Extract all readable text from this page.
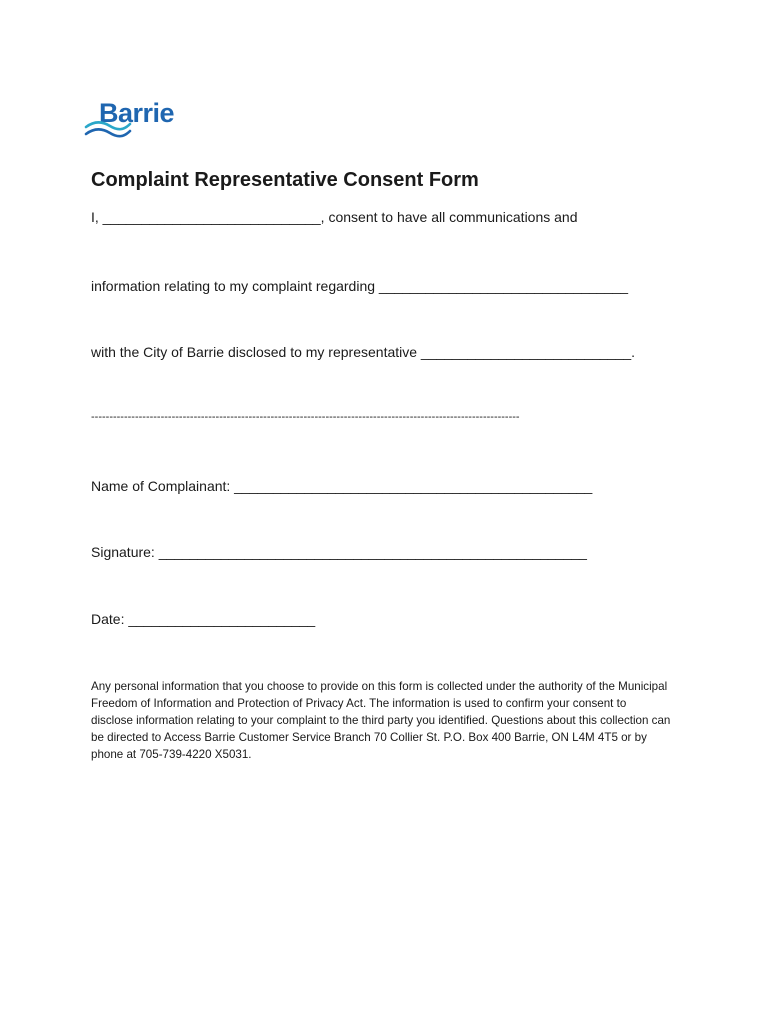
Barrie
Complaint Representative Consent Form
I, ____________________________, consent to have all communications and
information relating to my complaint regarding ________________________________
with the City of Barrie disclosed to my representative ___________________________.
---------------------------------------------------------------------------------------------------------------------
Name of Complainant: ______________________________________________
Signature: _______________________________________________________
Date: ________________________
Any personal information that you choose to provide on this form is collected under the authority of the Municipal Freedom of Information and Protection of Privacy Act. The information is used to confirm your consent to disclose information relating to your complaint to the third party you identified. Questions about this collection can be directed to Access Barrie Customer Service Branch 70 Collier St. P.O. Box 400 Barrie, ON L4M 4T5 or by phone at 705-739-4220 X5031.
